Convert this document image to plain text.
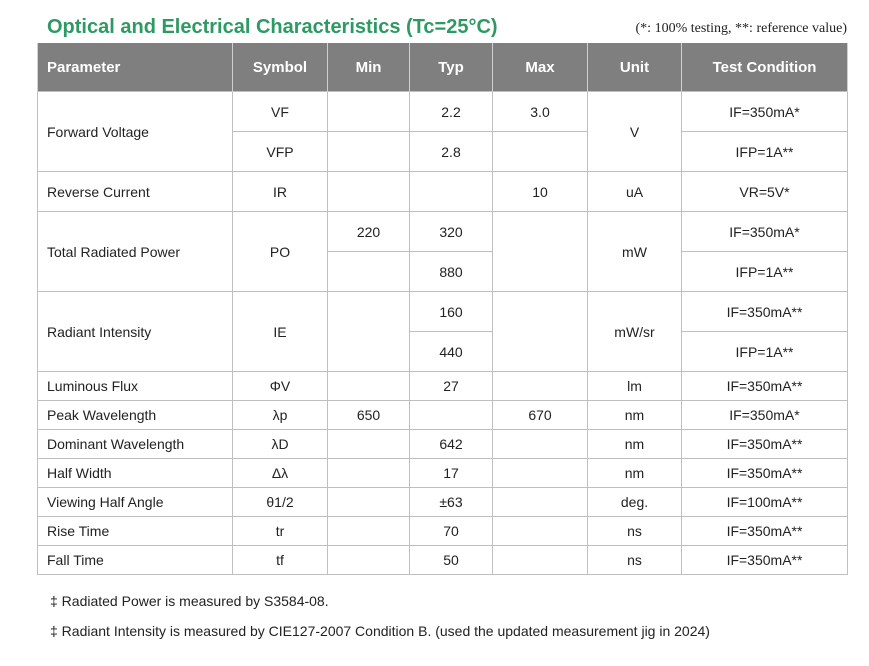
Optical and Electrical Characteristics (Tc=25°C)	(*: 100% testing, **: reference value)
Parameter	Symbol	Min	Typ	Max	Unit	Test Condition
Forward Voltage	VF		2.2	3.0	V	IF=350mA*
	VFP		2.8			IFP=1A**
Reverse Current	IR			10	uA	VR=5V*
Total Radiated Power	PO	220	320		mW	IF=350mA*
			880			IFP=1A**
Radiant Intensity	IE		160		mW/sr	IF=350mA**
			440			IFP=1A**
Luminous Flux	ΦV		27		lm	IF=350mA**
Peak Wavelength	λp	650		670	nm	IF=350mA*
Dominant Wavelength	λD		642		nm	IF=350mA**
Half Width	Δλ		17		nm	IF=350mA**
Viewing Half Angle	θ1/2		±63		deg.	IF=100mA**
Rise Time	tr		70		ns	IF=350mA**
Fall Time	tf		50		ns	IF=350mA**
‡ Radiated Power is measured by S3584-08.
‡ Radiant Intensity is measured by CIE127-2007 Condition B. (used the updated measurement jig in 2024)
